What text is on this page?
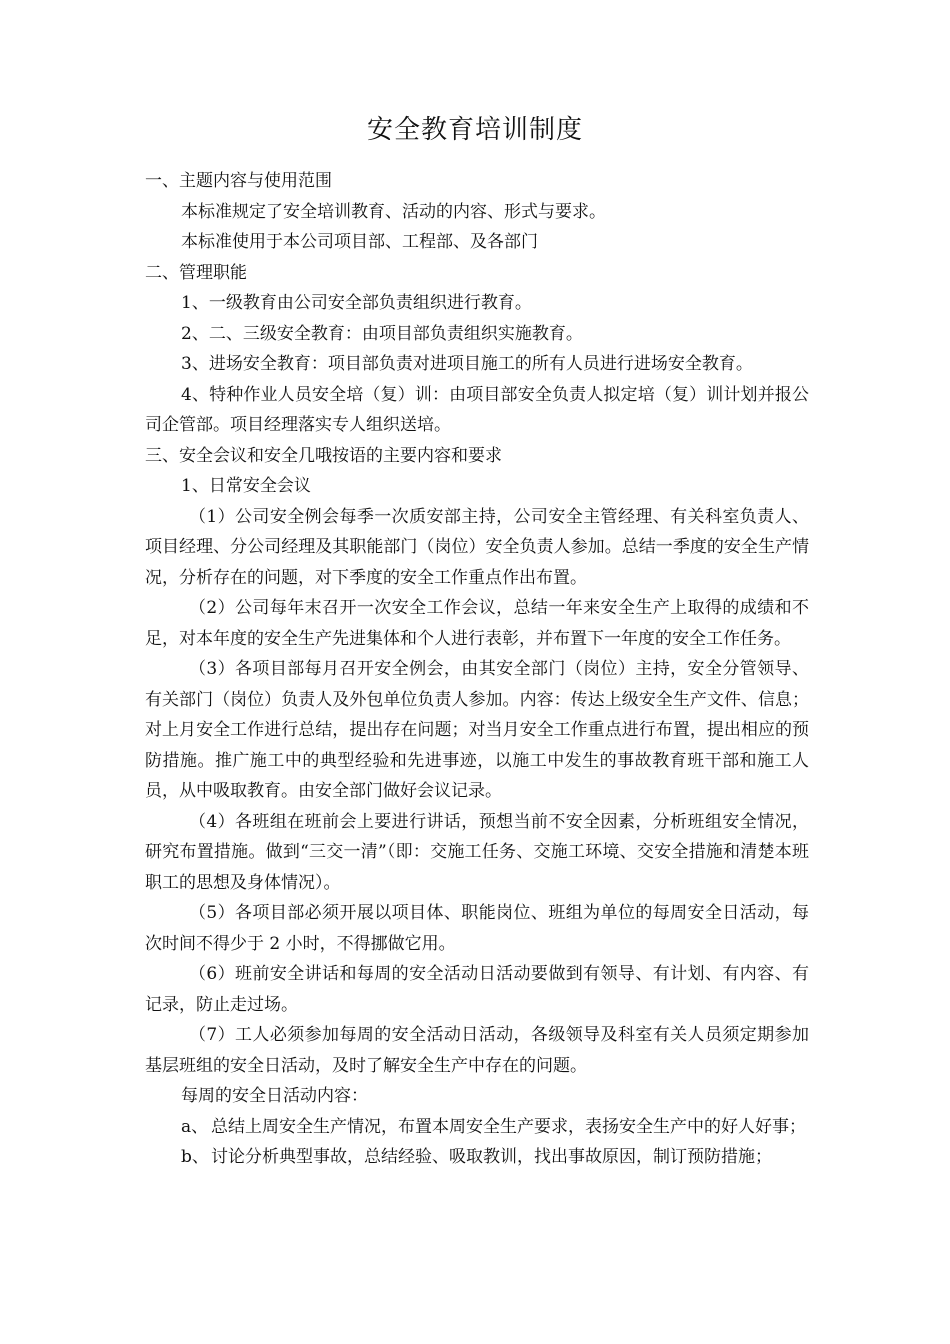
安全教育培训制度

一、主题内容与使用范围

本标准规定了安全培训教育、活动的内容、形式与要求。

本标准使用于本公司项目部、工程部、及各部门

二、管理职能

1、一级教育由公司安全部负责组织进行教育。

2、二、三级安全教育：由项目部负责组织实施教育。

3、进场安全教育：项目部负责对进项目施工的所有人员进行进场安全教育。

4、特种作业人员安全培（复）训：由项目部安全负责人拟定培（复）训计划并报公司企管部。项目经理落实专人组织送培。

三、安全会议和安全几哦按语的主要内容和要求

1、日常安全会议

（1）公司安全例会每季一次质安部主持，公司安全主管经理、有关科室负责人、项目经理、分公司经理及其职能部门（岗位）安全负责人参加。总结一季度的安全生产情况，分析存在的问题，对下季度的安全工作重点作出布置。

（2）公司每年末召开一次安全工作会议，总结一年来安全生产上取得的成绩和不足，对本年度的安全生产先进集体和个人进行表彰，并布置下一年度的安全工作任务。

（3）各项目部每月召开安全例会，由其安全部门（岗位）主持，安全分管领导、有关部门（岗位）负责人及外包单位负责人参加。内容：传达上级安全生产文件、信息；对上月安全工作进行总结，提出存在问题；对当月安全工作重点进行布置，提出相应的预防措施。推广施工中的典型经验和先进事迹，以施工中发生的事故教育班干部和施工人员，从中吸取教育。由安全部门做好会议记录。

（4）各班组在班前会上要进行讲话，预想当前不安全因素，分析班组安全情况，研究布置措施。做到“三交一清”（即：交施工任务、交施工环境、交安全措施和清楚本班职工的思想及身体情况）。

（5）各项目部必须开展以项目体、职能岗位、班组为单位的每周安全日活动，每次时间不得少于 2 小时，不得挪做它用。

（6）班前安全讲话和每周的安全活动日活动要做到有领导、有计划、有内容、有记录，防止走过场。

（7）工人必须参加每周的安全活动日活动，各级领导及科室有关人员须定期参加基层班组的安全日活动，及时了解安全生产中存在的问题。

每周的安全日活动内容：

a、 总结上周安全生产情况，布置本周安全生产要求，表扬安全生产中的好人好事；

b、 讨论分析典型事故，总结经验、吸取教训，找出事故原因，制订预防措施；
